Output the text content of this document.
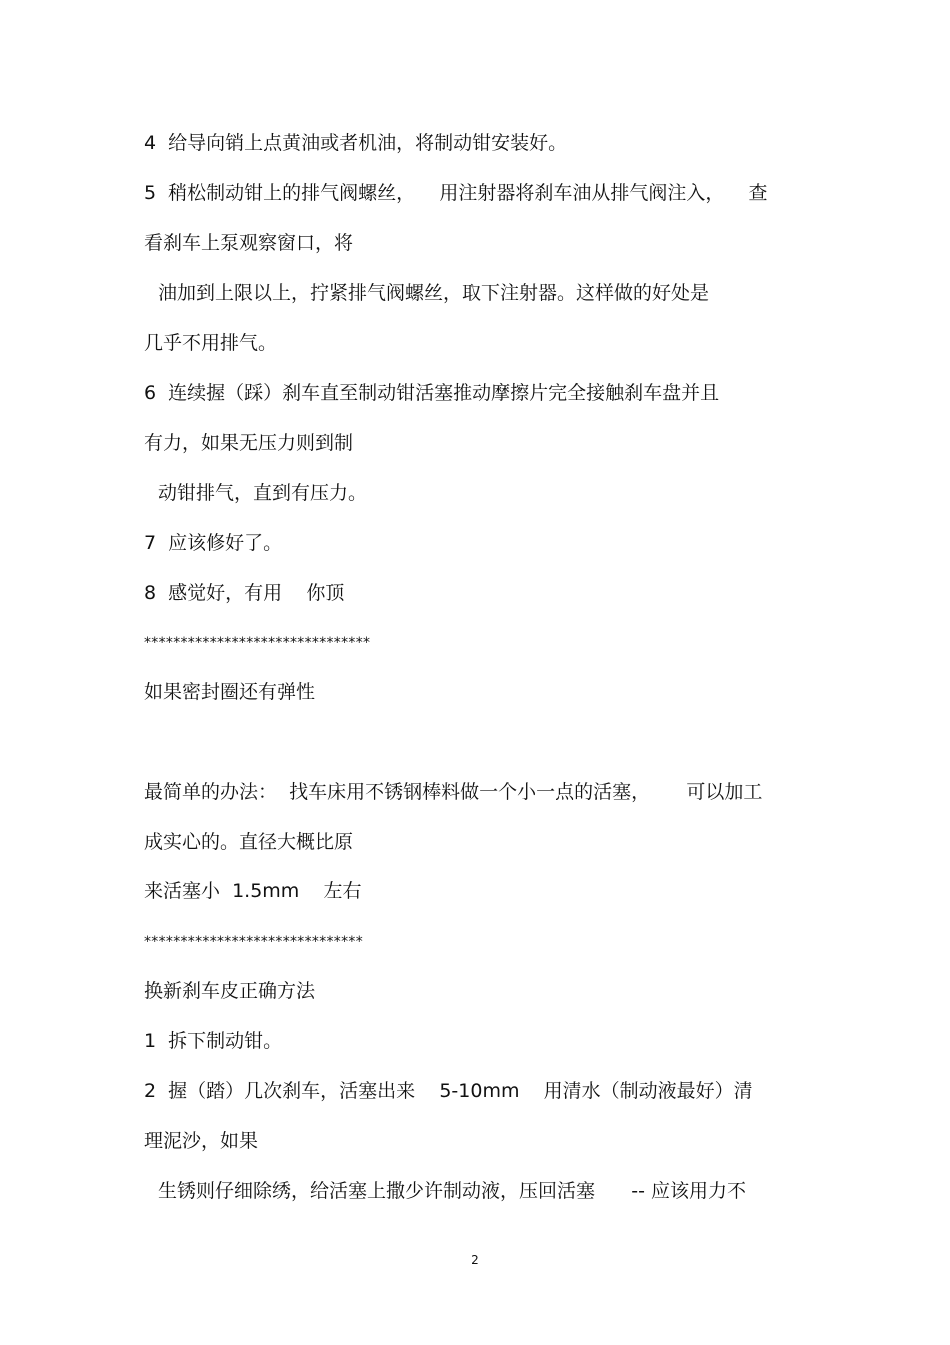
4  给导向销上点黄油或者机油，将制动钳安装好。
5  稍松制动钳上的排气阀螺丝，    用注射器将刹车油从排气阀注入，    查
看刹车上泵观察窗口，将
油加到上限以上，拧紧排气阀螺丝，取下注射器。这样做的好处是
几乎不用排气。
6  连续握（踩）刹车直至制动钳活塞推动摩擦片完全接触刹车盘并且
有力，如果无压力则到制
动钳排气，直到有压力。
7  应该修好了。
8  感觉好，有用    你顶
*******************************
如果密封圈还有弹性
最简单的办法：  找车床用不锈钢棒料做一个小一点的活塞，      可以加工
成实心的。直径大概比原
来活塞小  1.5mm    左右
******************************
换新刹车皮正确方法
1  拆下制动钳。
2  握（踏）几次刹车，活塞出来    5-10mm    用清水（制动液最好）清
理泥沙，如果
生锈则仔细除绣，给活塞上撒少许制动液，压回活塞      -- 应该用力不
2
